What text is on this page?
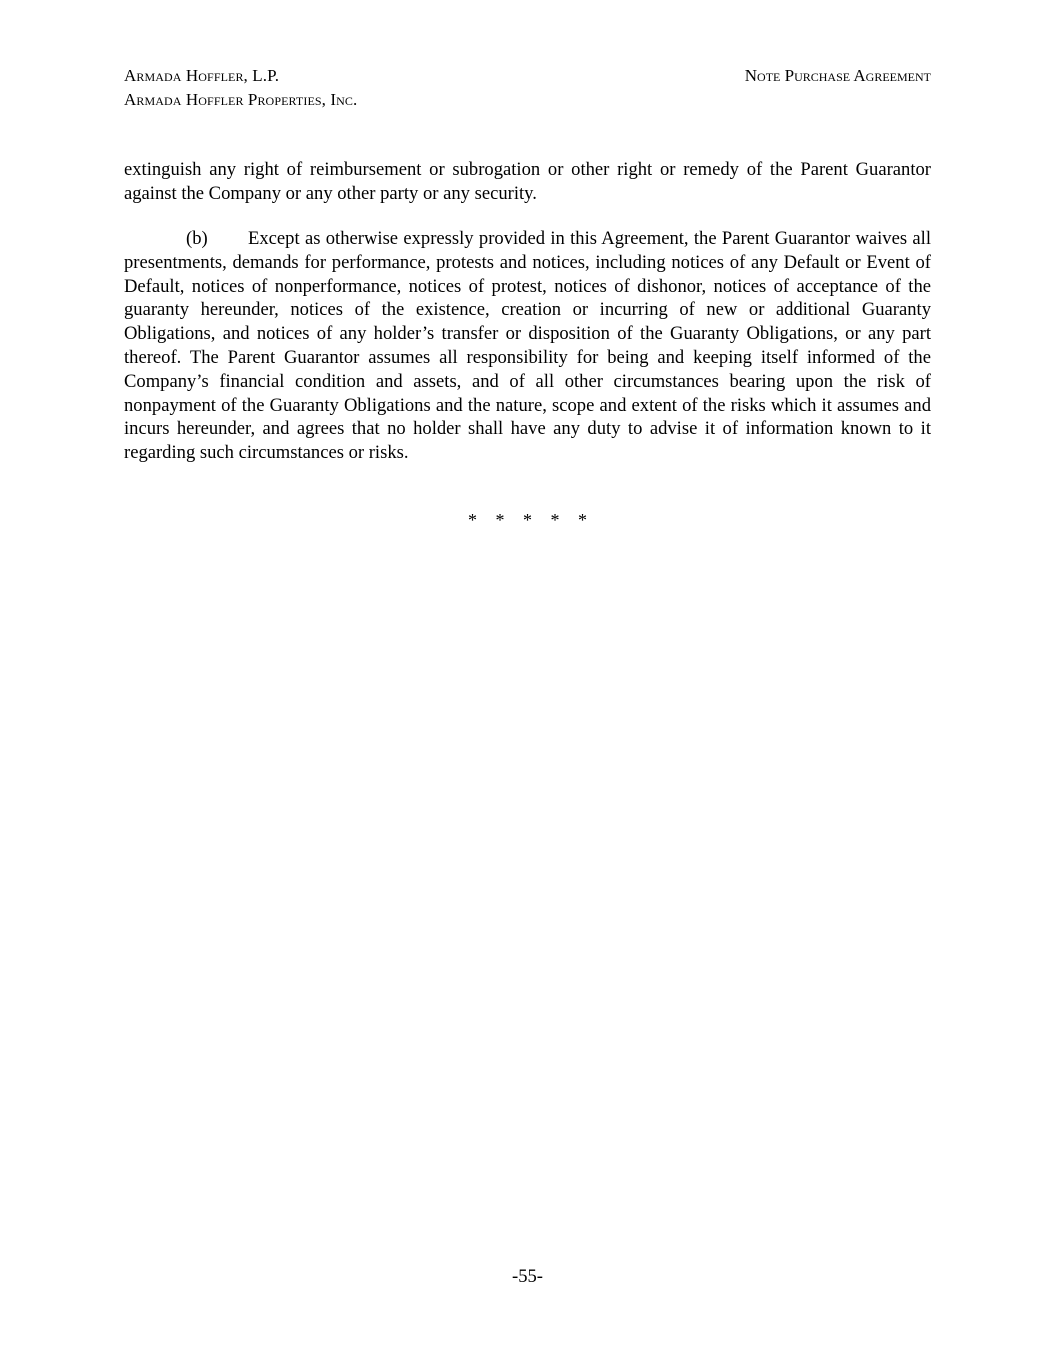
Armada Hoffler, L.P.
Armada Hoffler Properties, Inc.
Note Purchase Agreement
extinguish any right of reimbursement or subrogation or other right or remedy of the Parent Guarantor against the Company or any other party or any security.
(b) Except as otherwise expressly provided in this Agreement, the Parent Guarantor waives all presentments, demands for performance, protests and notices, including notices of any Default or Event of Default, notices of nonperformance, notices of protest, notices of dishonor, notices of acceptance of the guaranty hereunder, notices of the existence, creation or incurring of new or additional Guaranty Obligations, and notices of any holder’s transfer or disposition of the Guaranty Obligations, or any part thereof. The Parent Guarantor assumes all responsibility for being and keeping itself informed of the Company’s financial condition and assets, and of all other circumstances bearing upon the risk of nonpayment of the Guaranty Obligations and the nature, scope and extent of the risks which it assumes and incurs hereunder, and agrees that no holder shall have any duty to advise it of information known to it regarding such circumstances or risks.
* * * * *
-55-
